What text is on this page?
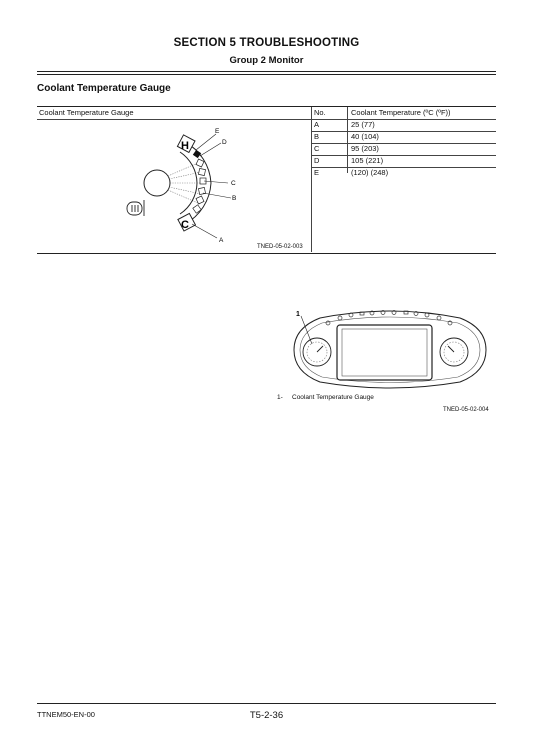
SECTION 5 TROUBLESHOOTING
Group 2 Monitor
Coolant Temperature Gauge
Coolant Temperature Gauge	No.	Coolant Temperature (ºC (ºF))
A	25 (77)
B	40 (104)
C	95 (203)
D	105 (221)
E	(120) (248)
TNED-05-02-003
H
C
E
D
C
B
A
1
1- Coolant Temperature Gauge
TNED-05-02-004
TTNEM50-EN-00	T5-2-36
